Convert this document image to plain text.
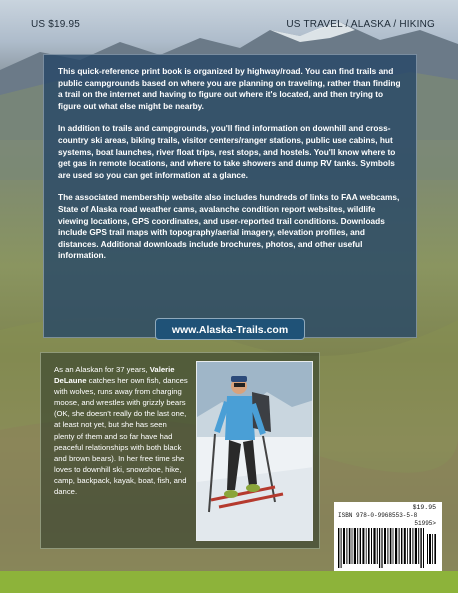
US $19.95	US TRAVEL / ALASKA / HIKING

This quick-reference print book is organized by highway/road. You can find trails and public campgrounds based on where you are planning on traveling, rather than finding a trail on the internet and having to figure out where it's located, and then trying to figure out what else might be nearby.

In addition to trails and campgrounds, you'll find information on downhill and cross-country ski areas, biking trails, visitor centers/ranger stations, public use cabins, hut systems, boat launches, river float trips, rest stops, and hostels. You'll know where to get gas in remote locations, and where to take showers and dump RV tanks. Symbols are used so you can get information at a glance.

The associated membership website also includes hundreds of links to FAA webcams, State of Alaska road weather cams, avalanche condition report websites, wildlife viewing locations, GPS coordinates, and user-reported trail conditions. Downloads include GPS trail maps with topography/aerial imagery, elevation profiles, and distances. Additional downloads include brochures, photos, and other useful information.

www.Alaska-Trails.com
As an Alaskan for 37 years, Valerie DeLaune catches her own fish, dances with wolves, runs away from charging moose, and wrestles with grizzly bears (OK, she doesn't really do the last one, at least not yet, but she has seen plenty of them and so far have had peaceful relationships with both black and brown bears). In her free time she loves to downhill ski, snowshoe, hike, camp, backpack, kayak, boat, fish, and dance.
$19.95
ISBN 978-0-9968553-5-8
51995>
